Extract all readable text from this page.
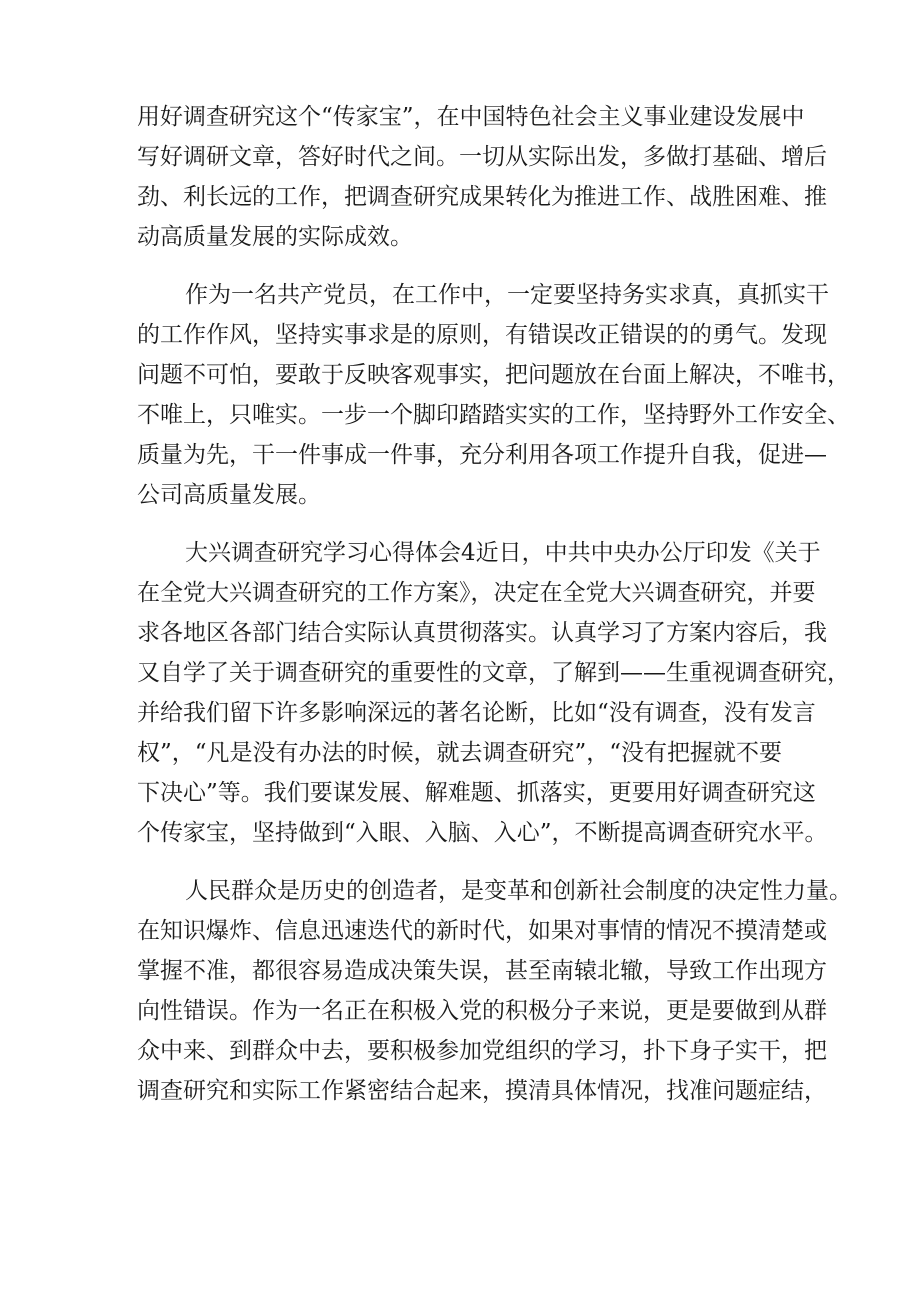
用好调查研究这个“传家宝”，在中国特色社会主义事业建设发展中

写好调研文章，答好时代之间。一切从实际出发，多做打基础、增后

劲、利长远的工作，把调查研究成果转化为推进工作、战胜困难、推

动高质量发展的实际成效。

作为一名共产党员，在工作中，一定要坚持务实求真，真抓实干

的工作作风，坚持实事求是的原则，有错误改正错误的的勇气。发现

问题不可怕，要敢于反映客观事实，把问题放在台面上解决，不唯书，

不唯上，只唯实。一步一个脚印踏踏实实的工作，坚持野外工作安全、

质量为先，干一件事成一件事，充分利用各项工作提升自我，促进—

公司高质量发展。

大兴调查研究学习心得体会4近日，中共中央办公厅印发《关于

在全党大兴调查研究的工作方案》，决定在全党大兴调查研究，并要

求各地区各部门结合实际认真贯彻落实。认真学习了方案内容后，我

又自学了关于调查研究的重要性的文章，了解到——生重视调查研究，

并给我们留下许多影响深远的著名论断，比如“没有调查，没有发言

权”，“凡是没有办法的时候，就去调查研究”，“没有把握就不要

下决心”等。我们要谋发展、解难题、抓落实，更要用好调查研究这

个传家宝，坚持做到“入眼、入脑、入心”，不断提高调查研究水平。

人民群众是历史的创造者，是变革和创新社会制度的决定性力量。

在知识爆炸、信息迅速迭代的新时代，如果对事情的情况不摸清楚或

掌握不准，都很容易造成决策失误，甚至南辕北辙，导致工作出现方

向性错误。作为一名正在积极入党的积极分子来说，更是要做到从群

众中来、到群众中去，要积极参加党组织的学习，扑下身子实干，把

调查研究和实际工作紧密结合起来，摸清具体情况，找准问题症结，
